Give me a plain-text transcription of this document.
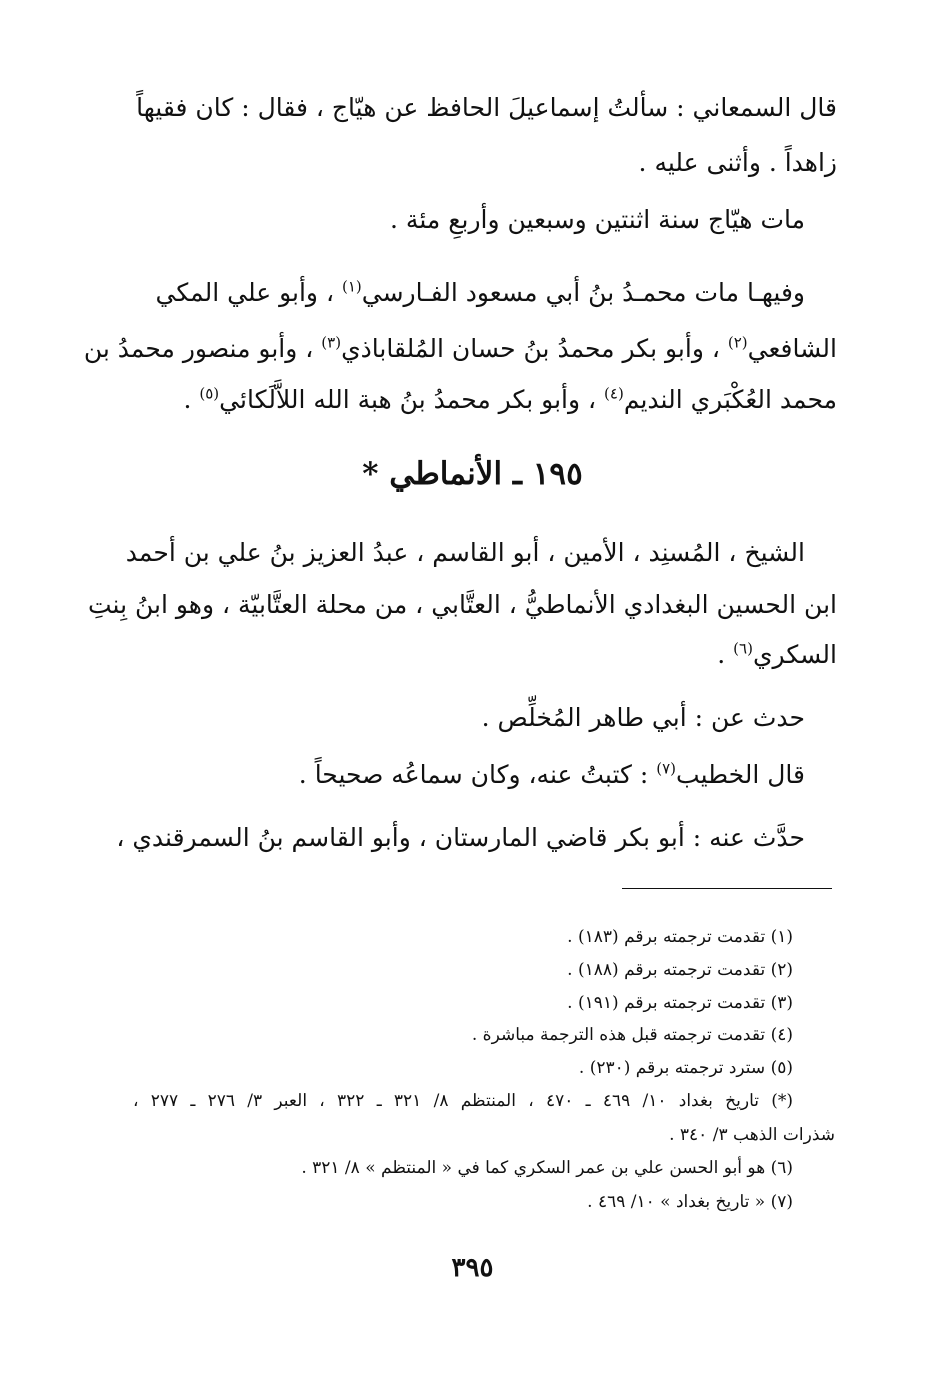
قال السمعاني : سألتُ إسماعيلَ الحافظ عن هيّاج ، فقال : كان فقيهاً
زاهداً . وأثنى عليه .
مات هيّاج سنة اثنتين وسبعين وأربعِ مئة .
وفيهـا مات محمـدُ بنُ أبي مسعود الفـارسي$^{(١)}$ ، وأبو علي المكي
الشافعي$^{(٢)}$ ، وأبو بكر محمدُ بنُ حسان المُلقاباذي$^{(٣)}$ ، وأبو منصور محمدُ بن
محمد العُكْبَري النديم$^{(٤)}$ ، وأبو بكر محمدُ بنُ هبة الله اللاَّلَكائي$^{(٥)}$ .
١٩٥ ـ الأنماطي *
الشيخ ، المُسنِد ، الأمين ، أبو القاسم ، عبدُ العزيز بنُ علي بن أحمد
ابن الحسين البغدادي الأنماطيُّ ، العتَّابي ، من محلة العتَّابيّة ، وهو ابنُ بِنتِ
السكري$^{(٦)}$ .
حدث عن : أبي طاهر المُخلِّص .
قال الخطيب$^{(٧)}$ : كتبتُ عنه، وكان سماعُه صحيحاً .
حدَّث عنه : أبو بكر قاضي المارستان ، وأبو القاسم بنُ السمرقندي ،
(١) تقدمت ترجمته برقم (١٨٣) .
(٢) تقدمت ترجمته برقم (١٨٨) .
(٣) تقدمت ترجمته برقم (١٩١) .
(٤) تقدمت ترجمته قبل هذه الترجمة مباشرة .
(٥) سترد ترجمته برقم (٢٣٠) .
(*) تاريخ بغداد ١٠/ ٤٦٩ ـ ٤٧٠ ، المنتظم ٨/ ٣٢١ ـ ٣٢٢ ، العبر ٣/ ٢٧٦ ـ ٢٧٧ ،
شذرات الذهب ٣/ ٣٤٠ .
(٦) هو أبو الحسن علي بن عمر السكري كما في « المنتظم » ٨/ ٣٢١ .
(٧) « تاريخ بغداد » ١٠/ ٤٦٩ .
٣٩٥
